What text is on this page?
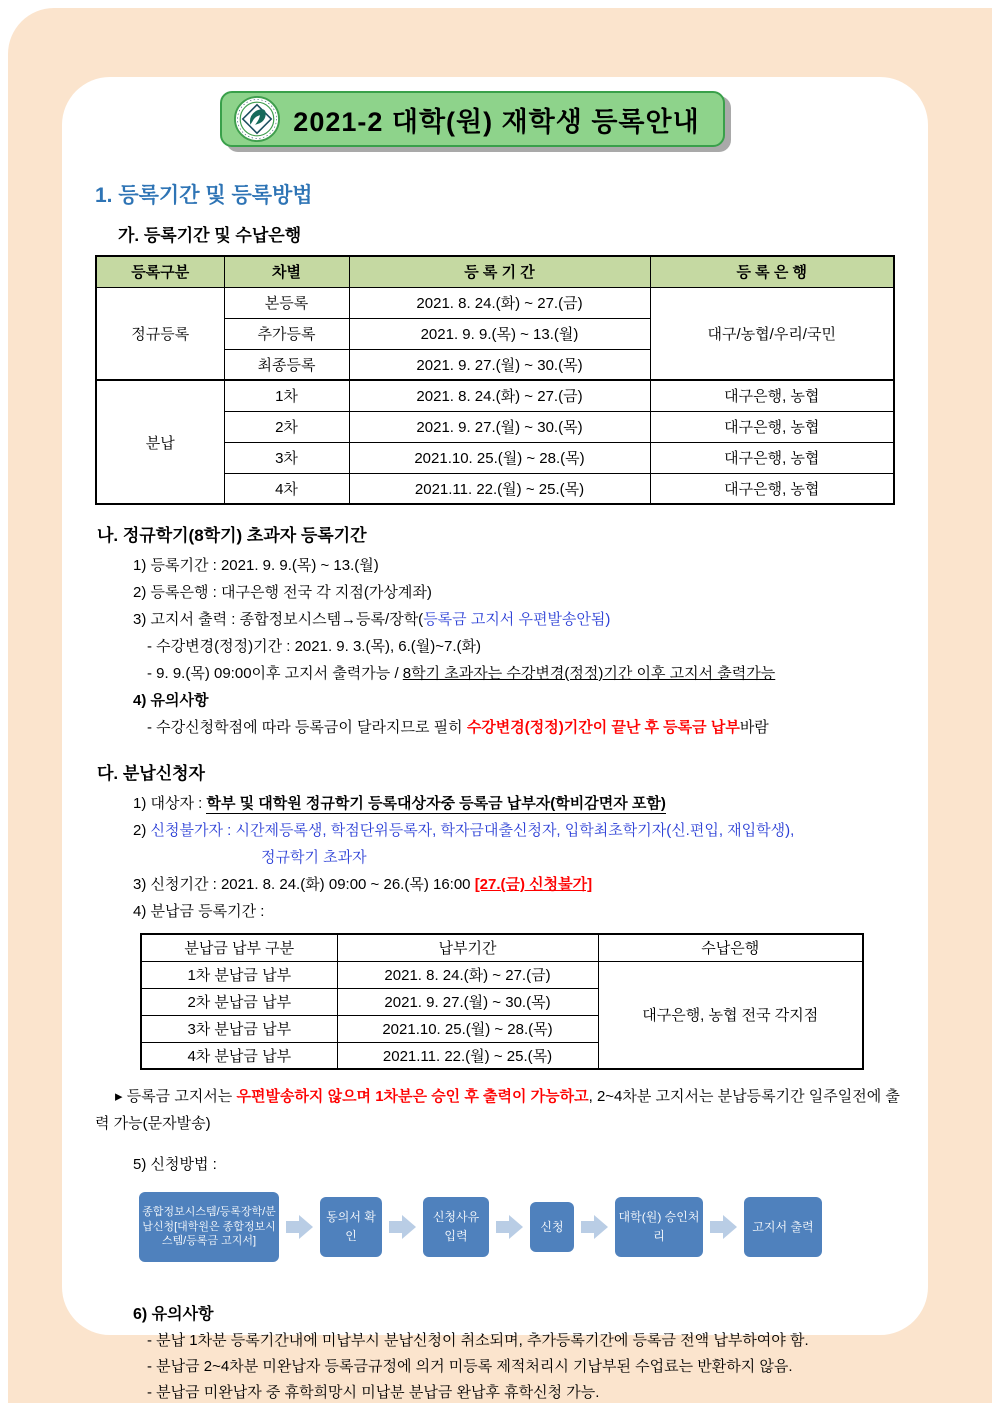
2021-2 대학(원) 재학생 등록안내
1. 등록기간 및 등록방법
가. 등록기간 및 수납은행
등록구분	차별	등 록 기 간	등 록 은 행
정규등록	본등록	2021. 8. 24.(화) ~ 27.(금)	대구/농협/우리/국민
	추가등록	2021. 9. 9.(목) ~ 13.(월)	
	최종등록	2021. 9. 27.(월) ~ 30.(목)	
분납	1차	2021. 8. 24.(화) ~ 27.(금)	대구은행, 농협
	2차	2021. 9. 27.(월) ~ 30.(목)	대구은행, 농협
	3차	2021.10. 25.(월) ~ 28.(목)	대구은행, 농협
	4차	2021.11. 22.(월) ~ 25.(목)	대구은행, 농협
나. 정규학기(8학기) 초과자 등록기간
1) 등록기간 : 2021. 9. 9.(목) ~ 13.(월)
2) 등록은행 : 대구은행 전국 각 지점(가상계좌)
3) 고지서 출력 : 종합정보시스템→등록/장학(등록금 고지서 우편발송안됨)
- 수강변경(정정)기간 : 2021. 9. 3.(목), 6.(월)~7.(화)
- 9. 9.(목) 09:00이후 고지서 출력가능 / 8학기 초과자는 수강변경(정정)기간 이후 고지서 출력가능
4) 유의사항
- 수강신청학점에 따라 등록금이 달라지므로 필히 수강변경(정정)기간이 끝난 후 등록금 납부바람
다. 분납신청자
1) 대상자 : 학부 및 대학원 정규학기 등록대상자중 등록금 납부자(학비감면자 포함)
2) 신청불가자 : 시간제등록생, 학점단위등록자, 학자금대출신청자, 입학최초학기자(신.편입, 재입학생),
정규학기 초과자
3) 신청기간 : 2021. 8. 24.(화) 09:00 ~ 26.(목) 16:00 [27.(금) 신청불가]
4) 분납금 등록기간 :
분납금 납부 구분	납부기간	수납은행
1차 분납금 납부	2021. 8. 24.(화) ~ 27.(금)	대구은행, 농협 전국 각지점
2차 분납금 납부	2021. 9. 27.(월) ~ 30.(목)	
3차 분납금 납부	2021.10. 25.(월) ~ 28.(목)	
4차 분납금 납부	2021.11. 22.(월) ~ 25.(목)	
▸ 등록금 고지서는 우편발송하지 않으며 1차분은 승인 후 출력이 가능하고, 2~4차분 고지서는 분납등록기간 일주일전에 출력 가능(문자발송)
5) 신청방법 :
종합정보시스템/등록장학/분납신청[대학원은 종합정보시스템/등록금 고지서]
동의서 확인
신청사유 입력
신청
대학(원) 승인처리
고지서 출력
6) 유의사항
- 분납 1차분 등록기간내에 미납부시 분납신청이 취소되며, 추가등록기간에 등록금 전액 납부하여야 함.
- 분납금 2~4차분 미완납자 등록금규정에 의거 미등록 제적처리시 기납부된 수업료는 반환하지 않음.
- 분납금 미완납자 중 휴학희망시 미납분 분납금 완납후 휴학신청 가능.
